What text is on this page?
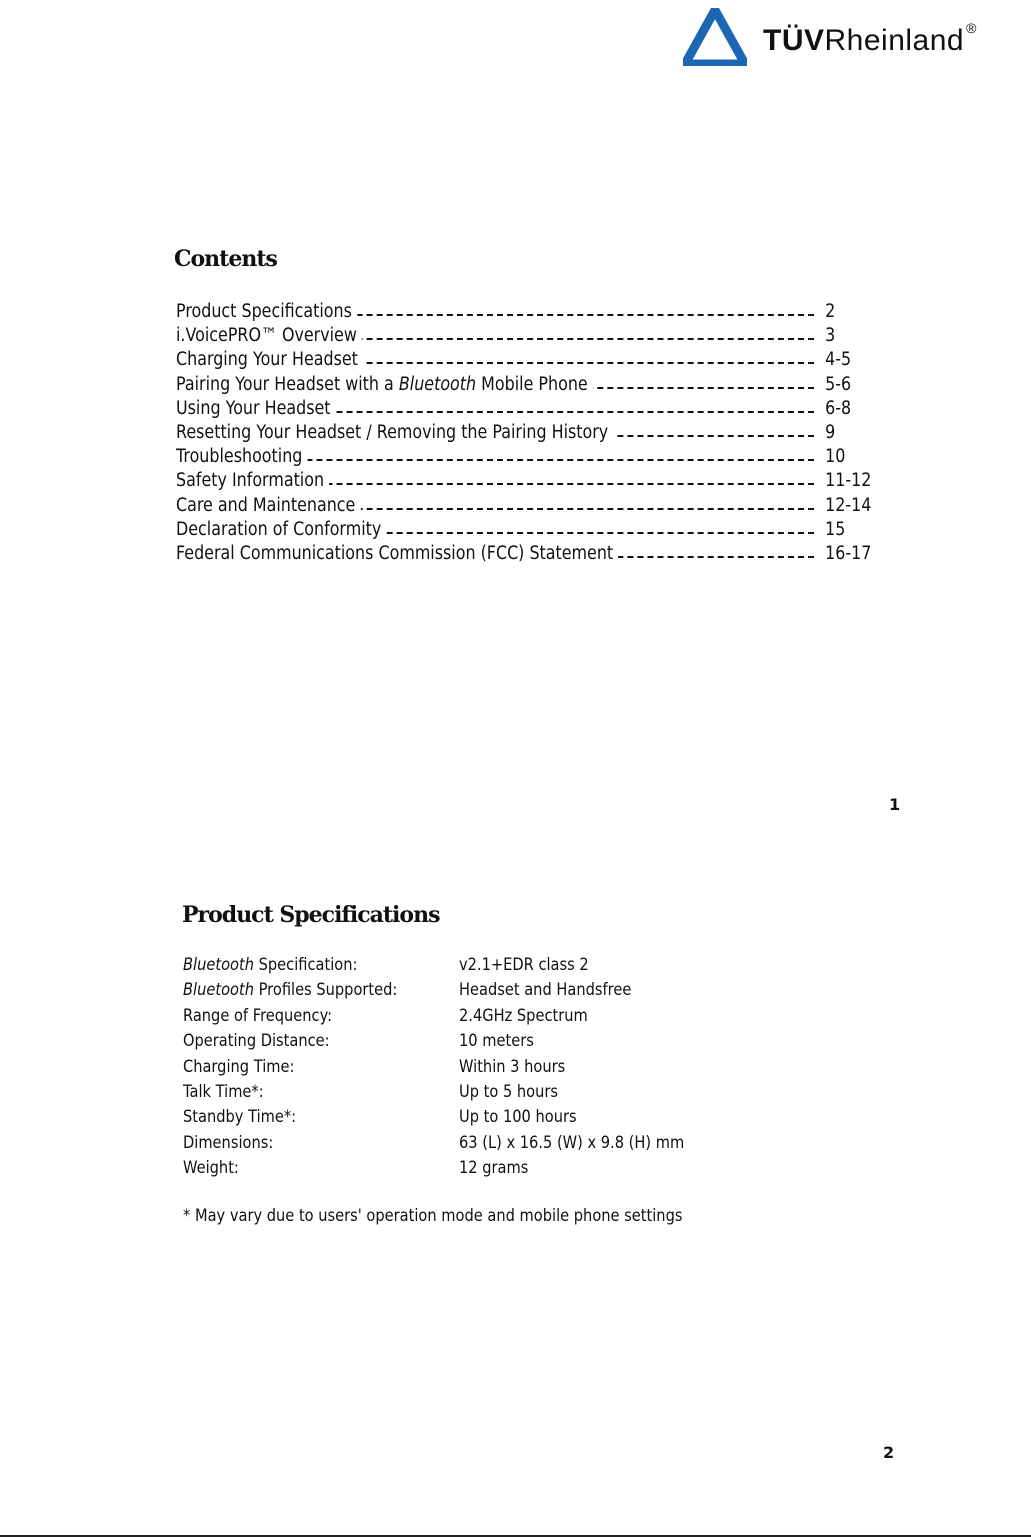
TÜVRheinland ®
Contents
Product Specifications	2
i.VoicePRO™ Overview	3
Charging Your Headset	4-5
Pairing Your Headset with a Bluetooth Mobile Phone	5-6
Using Your Headset	6-8
Resetting Your Headset / Removing the Pairing History	9
Troubleshooting	10
Safety Information	11-12
Care and Maintenance	12-14
Declaration of Conformity	15
Federal Communications Commission (FCC) Statement	16-17
1
Product Specifications
Bluetooth Specification:	v2.1+EDR class 2
Bluetooth Profiles Supported:	Headset and Handsfree
Range of Frequency:	2.4GHz Spectrum
Operating Distance:	10 meters
Charging Time:	Within 3 hours
Talk Time*:	Up to 5 hours
Standby Time*:	Up to 100 hours
Dimensions:	63 (L) x 16.5 (W) x 9.8 (H) mm
Weight:	12 grams
* May vary due to users' operation mode and mobile phone settings
2
